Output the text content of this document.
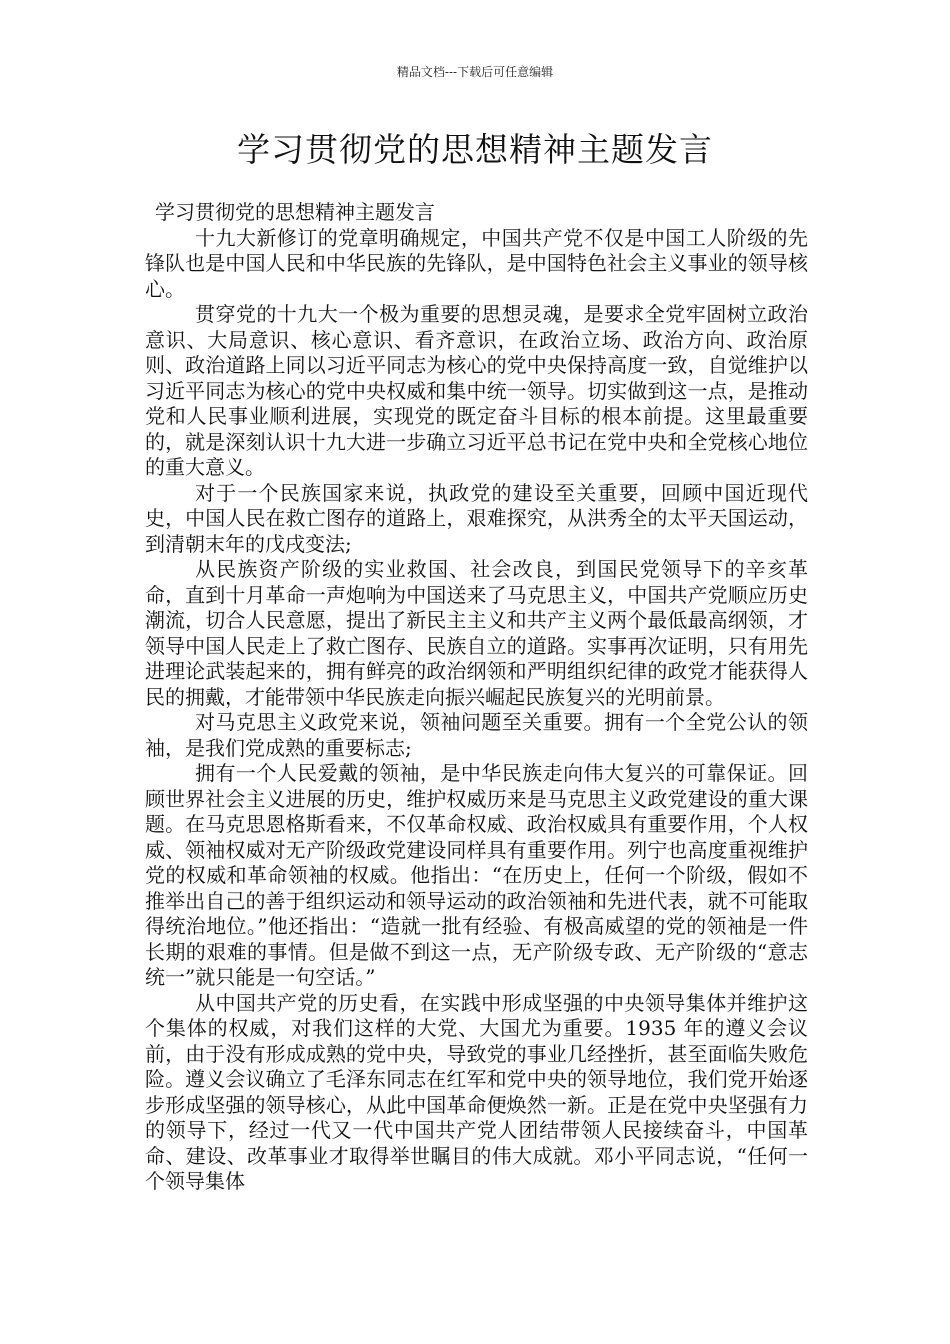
精品文档---下载后可任意编辑
学习贯彻党的思想精神主题发言

学习贯彻党的思想精神主题发言

十九大新修订的党章明确规定，中国共产党不仅是中国工人阶级的先锋队也是中国人民和中华民族的先锋队，是中国特色社会主义事业的领导核心。

贯穿党的十九大一个极为重要的思想灵魂，是要求全党牢固树立政治意识、大局意识、核心意识、看齐意识，在政治立场、政治方向、政治原则、政治道路上同以习近平同志为核心的党中央保持高度一致，自觉维护以习近平同志为核心的党中央权威和集中统一领导。切实做到这一点，是推动党和人民事业顺利进展，实现党的既定奋斗目标的根本前提。这里最重要的，就是深刻认识十九大进一步确立习近平总书记在党中央和全党核心地位的重大意义。

对于一个民族国家来说，执政党的建设至关重要，回顾中国近现代史，中国人民在救亡图存的道路上，艰难探究，从洪秀全的太平天国运动，到清朝末年的戊戌变法;

从民族资产阶级的实业救国、社会改良，到国民党领导下的辛亥革命，直到十月革命一声炮响为中国送来了马克思主义，中国共产党顺应历史潮流，切合人民意愿，提出了新民主主义和共产主义两个最低最高纲领，才领导中国人民走上了救亡图存、民族自立的道路。实事再次证明，只有用先进理论武装起来的，拥有鲜亮的政治纲领和严明组织纪律的政党才能获得人民的拥戴，才能带领中华民族走向振兴崛起民族复兴的光明前景。

对马克思主义政党来说，领袖问题至关重要。拥有一个全党公认的领袖，是我们党成熟的重要标志;

拥有一个人民爱戴的领袖，是中华民族走向伟大复兴的可靠保证。回顾世界社会主义进展的历史，维护权威历来是马克思主义政党建设的重大课题。在马克思恩格斯看来，不仅革命权威、政治权威具有重要作用，个人权威、领袖权威对无产阶级政党建设同样具有重要作用。列宁也高度重视维护党的权威和革命领袖的权威。他指出：“在历史上，任何一个阶级，假如不推举出自己的善于组织运动和领导运动的政治领袖和先进代表，就不可能取得统治地位。”他还指出：“造就一批有经验、有极高威望的党的领袖是一件长期的艰难的事情。但是做不到这一点，无产阶级专政、无产阶级的“意志统一”就只能是一句空话。”

从中国共产党的历史看，在实践中形成坚强的中央领导集体并维护这个集体的权威，对我们这样的大党、大国尤为重要。1935 年的遵义会议前，由于没有形成成熟的党中央，导致党的事业几经挫折，甚至面临失败危险。遵义会议确立了毛泽东同志在红军和党中央的领导地位，我们党开始逐步形成坚强的领导核心，从此中国革命便焕然一新。正是在党中央坚强有力的领导下，经过一代又一代中国共产党人团结带领人民接续奋斗，中国革命、建设、改革事业才取得举世瞩目的伟大成就。邓小平同志说，“任何一个领导集体
